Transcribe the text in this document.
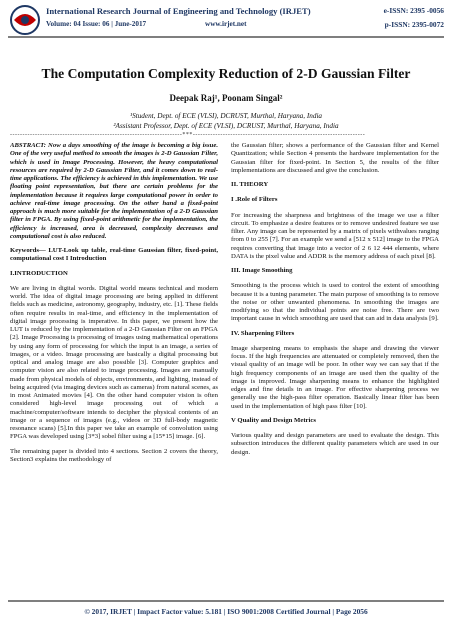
International Research Journal of Engineering and Technology (IRJET)	e-ISSN: 2395 -0056
Volume: 04 Issue: 06 | June-2017	www.irjet.net	p-ISSN: 2395-0072
The Computation Complexity Reduction of 2-D Gaussian Filter
Deepak Raj¹, Poonam Singal²
¹Student, Dept. of ECE (VLSI), DCRUST, Murthal, Haryana, India
²Assistant Professor, Dept. of ECE (VLSI), DCRUST, Murthal, Haryana, India
---------------------------------------------------------------------***---------------------------------------------------------------------

ABSTRACT: Now a days smoothing of the image is becoming a big issue. One of the very useful method to smooth the images is 2-D Gaussian Filter, which is used in Image Processing. However, the heavy computational resources are required by 2-D Gaussian Filter, and it comes down to real-time applications. The efficiency is achieved in this implementation. We use floating point representation, but there are certain problems for the implementation because it requires large computational power in order to achieve real-time image processing. On the other hand a fixed-point approach is much more suitable for the implementation of a 2-D Gaussian filter in FPGA. By using fixed-point arithmetic for the implementation, the efficiency is increased, area is decreased, complexity decreases and computational cost is also reduced.

Keywords— LUT-Look up table, real-time Gaussian filter, fixed-point, computational cost I Introduction

I.INTRODUCTION

We are living in digital words. Digital world means technical and modern world. The idea of digital image processing are being applied in different fields such as medicine, astronomy, geography, industry, etc. [1]. These fields often require results in real-time, and efficiency in the implementation of digital image processing is imperative. In this paper, we present how the LUT is reduced by the implementation of a 2-D Gaussian Filter on an FPGA [2]. Image Processing is processing of images using mathematical operations by using any form of processing for which the input is an image, a series of images, or a video. Image processing are basically a digital processing but optical and analog image are also possible [3]. Computer graphics and computer vision are also related to image processing. Images are manually made from physical models of objects, environments, and lighting, instead of being acquired (via imaging devices such as cameras) from natural scenes, as in most Animated movies [4]. On the other hand computer vision is often considered high-level image processing out of which a machine/computer/software intends to decipher the physical contents of an image or a sequence of images (e.g., videos or 3D full-body magnetic resonance scans) [5].In this paper we take an example of convolution using FPGA was developed using [3*3] sobel filter using a [15*15] image. [6].

The remaining paper is divided into 4 sections. Section 2 covers the theory, Section3 explains the methodology of

the Gaussian filter; shows a performance of the Gaussian filter and Kernel Quantization; while Section 4 presents the hardware implementation for the Gaussian filter for fixed-point. In Section 5, the results of the filter implementations are discussed and give the conclusion.

II. THEORY

I .Role of Filters

For increasing the sharpness and brightness of the image we use a filter circuit. To emphasize a desire features or to remove undesired feature we use filter. Any image can be represented by a matrix of pixels withvalues ranging from 0 to 255 [7]. For an example we send a [512 x 512] image to the FPGA requires converting that image into a vector of 2 6 12 444 elements, where DATA is the pixel value and ADDR is the memory address of each pixel [8].

III. Image Smoothing

Smoothing is the process which is used to control the extent of smoothing because it is a tuning parameter. The main purpose of smoothing is to remove the noise or other unwanted phenomena. In smoothing the images are modifying so that the individual points are noise free. There are two important cause in which smoothing are used that can aid in data analysis [9].

IV. Sharpening Filters

Image sharpening means to emphasis the shape and drawing the viewer focus. If the high frequencies are attenuated or completely removed, then the visual quality of an image will be poor. In other way we can say that if the high frequency components of an image are used then the quality of the image is improved. Image sharpening means to enhance the highlighted edges and fine details in an image. For effective sharpening process we generally use the high-pass filter operation. Basically linear filter has been used in the implementation of high pass filter [10].

V Quality and Design Metrics

Various quality and design parameters are used to evaluate the design. This subsection introduces the different quality parameters which are used in our design.

© 2017, IRJET | Impact Factor value: 5.181 | ISO 9001:2008 Certified Journal | Page 2056
